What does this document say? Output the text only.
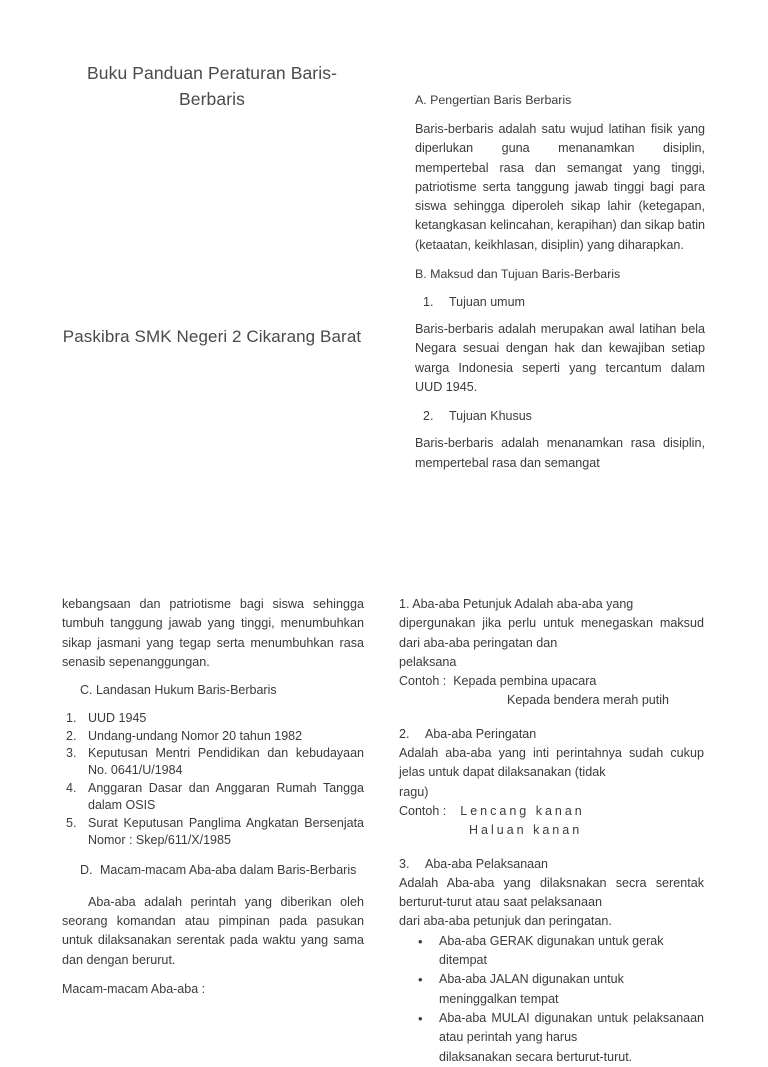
Buku Panduan Peraturan Baris-Berbaris

Paskibra SMK Negeri 2 Cikarang Barat

A. Pengertian Baris Berbaris

Baris-berbaris adalah satu wujud latihan fisik yang diperlukan guna menanamkan disiplin, mempertebal rasa dan semangat yang tinggi, patriotisme serta tanggung jawab tinggi bagi para siswa sehingga diperoleh sikap lahir (ketegapan, ketangkasan kelincahan, kerapihan) dan sikap batin (ketaatan, keikhlasan, disiplin) yang diharapkan.

B. Maksud dan Tujuan Baris-Berbaris

1. Tujuan umum

Baris-berbaris adalah merupakan awal latihan bela Negara sesuai dengan hak dan kewajiban setiap warga Indonesia seperti yang tercantum dalam UUD 1945.

2. Tujuan Khusus

Baris-berbaris adalah menanamkan rasa disiplin, mempertebal rasa dan semangat

kebangsaan dan patriotisme bagi siswa sehingga tumbuh tanggung jawab yang tinggi, menumbuhkan sikap jasmani yang tegap serta menumbuhkan rasa senasib sepenanggungan.

C. Landasan Hukum Baris-Berbaris

1. UUD 1945
2. Undang-undang Nomor 20 tahun 1982
3. Keputusan Mentri Pendidikan dan kebudayaan No. 0641/U/1984
4. Anggaran Dasar dan Anggaran Rumah Tangga dalam OSIS
5. Surat Keputusan Panglima Angkatan Bersenjata Nomor : Skep/611/X/1985

D. Macam-macam Aba-aba dalam Baris-Berbaris

Aba-aba adalah perintah yang diberikan oleh seorang komandan atau pimpinan pada pasukan untuk dilaksanakan serentak pada waktu yang sama dan dengan berurut.

Macam-macam Aba-aba :

1. Aba-aba Petunjuk Adalah aba-aba yang

dipergunakan jika perlu untuk menegaskan maksud dari aba-aba peringatan dan
pelaksana

Contoh :  Kepada pembina upacara

Kepada bendera merah putih

2. Aba-aba Peringatan

Adalah aba-aba yang inti perintahnya sudah cukup jelas untuk dapat dilaksanakan (tidak
ragu)

Contoh : Lencang kanan

Haluan kanan

3. Aba-aba Pelaksanaan

Adalah Aba-aba yang dilaksnakan secra serentak berturut-turut atau saat pelaksanaan
dari aba-aba petunjuk dan peringatan.

• Aba-aba GERAK digunakan untuk gerak
ditempat
• Aba-aba JALAN digunakan untuk
meninggalkan tempat
• Aba-aba MULAI digunakan untuk pelaksanaan atau perintah yang harus
dilaksanakan secara berturut-turut.
